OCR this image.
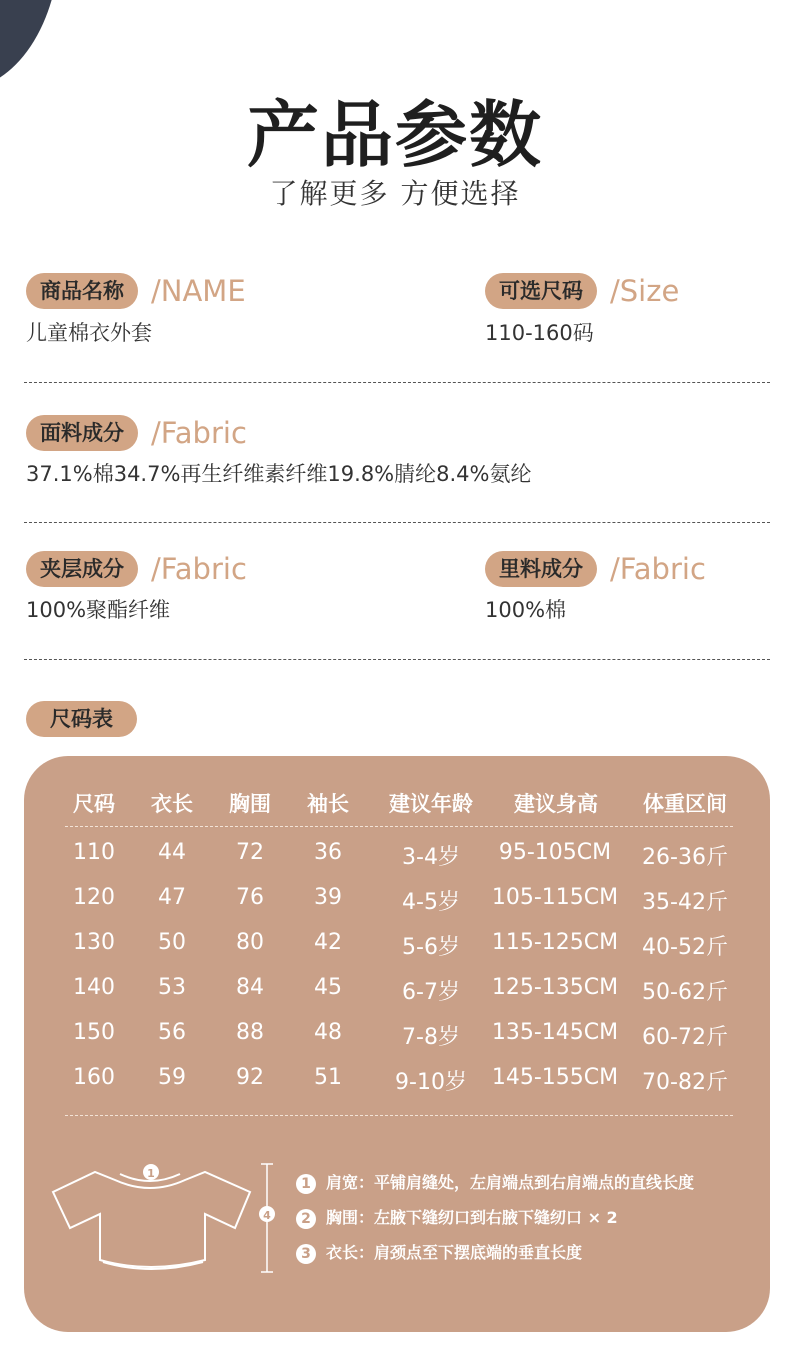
产品参数
了解更多 方便选择
商品名称 /NAME
儿童棉衣外套
可选尺码 /Size
110-160码
面料成分 /Fabric
37.1%棉34.7%再生纤维素纤维19.8%腈纶8.4%氨纶
夹层成分 /Fabric
100%聚酯纤维
里料成分 /Fabric
100%棉
尺码表
尺码	衣长	胸围	袖长	建议年龄	建议身高	体重区间
110	44	72	36	3-4岁	95-105CM	26-36斤
120	47	76	39	4-5岁	105-115CM	35-42斤
130	50	80	42	5-6岁	115-125CM	40-52斤
140	53	84	45	6-7岁	125-135CM	50-62斤
150	56	88	48	7-8岁	135-145CM	60-72斤
160	59	92	51	9-10岁	145-155CM	70-82斤
1
4
1 肩宽：平铺肩缝处，左肩端点到右肩端点的直线长度
2 胸围：左腋下缝纫口到右腋下缝纫口 × 2
3 衣长：肩颈点至下摆底端的垂直长度
